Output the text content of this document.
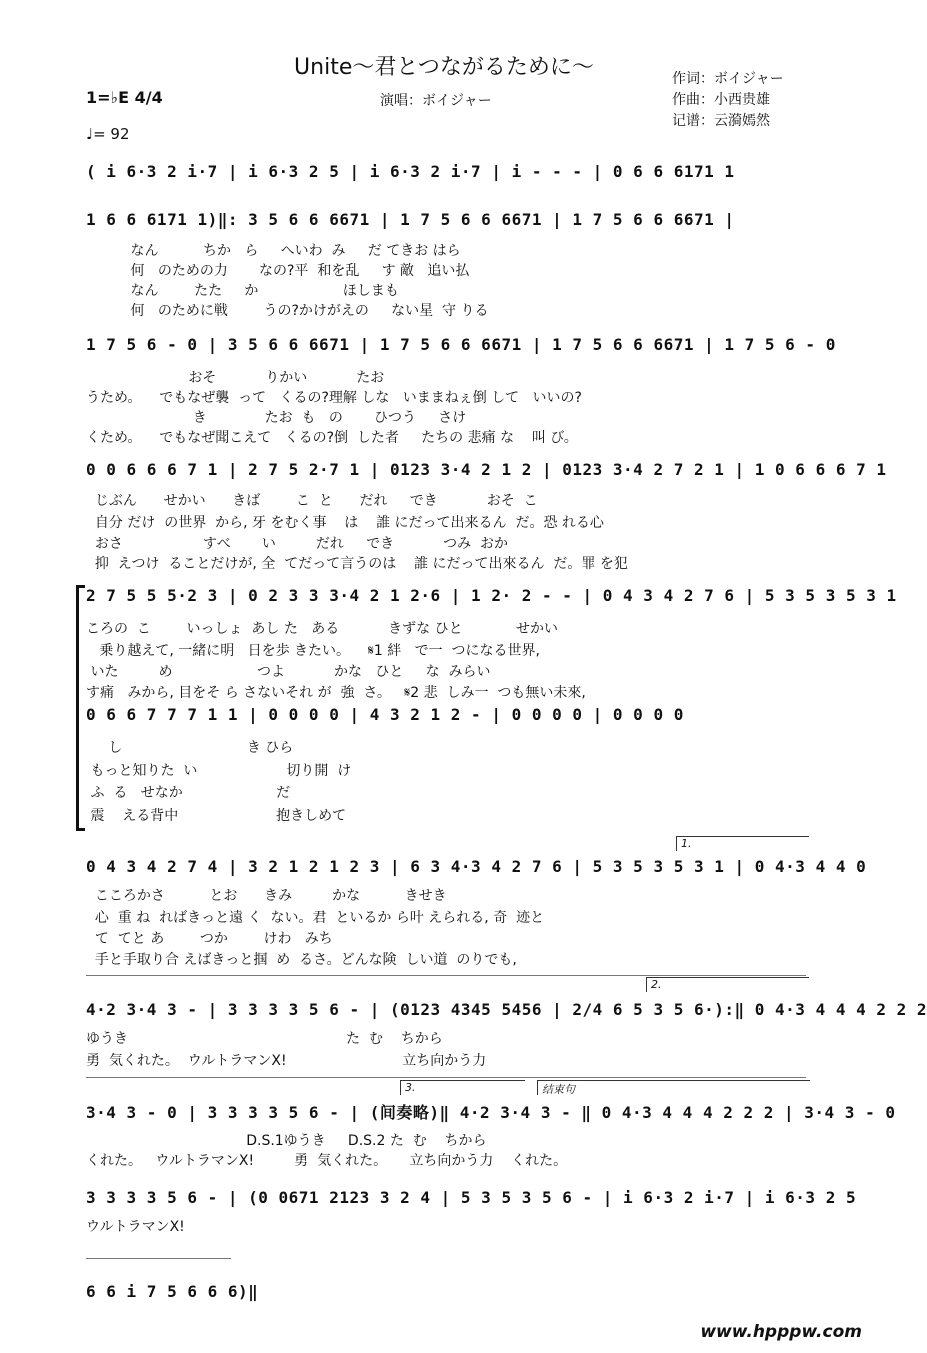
Unite～君とつながるために～
演唱：ボイジャー
作词：ボイジャー
作曲：小西贵雄
记谱：云漪嫣然
1=♭E 4/4
♩= 92
( i 6·3 2 i·7 | i 6·3 2 5 | i 6·3 2 i·7 | i - - - | 0 6 6 6171 1
1 6 6 6171 1)‖: 3 5 6 6 6671 | 1 7 5 6 6 6671 | 1 7 5 6 6 6671 |
なん          ちか   ら     へいわ  み     だ てきお はら
何   のための力       なの?平  和を乱     す 敵   追い払
なん        たた     か                   ほしまも
何   のために戦        うの?かけがえの     ない星  守 りる
1 7 5 6 - 0 | 3 5 6 6 6671 | 1 7 5 6 6 6671 | 1 7 5 6 6 6671 | 1 7 5 6 - 0
おそ           りかい           たお
うため。    でもなぜ襲  って   くるの?理解 しな   いままねぇ倒 して   いいの?
き             たお  も   の       ひつう     さけ
くため。    でもなぜ聞こえて   くるの?倒  した者     たちの 悲痛 な    叫 び。
0 0 6 6 6 7 1 | 2 7 5 2·7 1 | 0123 3·4 2 1 2 | 0123 3·4 2 7 2 1 | 1 0 6 6 6 7 1
じぶん      せかい      きば        こ  と      だれ     でき           おそ  こ
自分 だけ  の世界  から, 牙 をむく事    は    誰 にだって出来るん  だ。恐 れる心
おさ                  すべ       い         だれ     でき           つみ  おか
抑  えつけ  ることだけが, 全  てだって言うのは    誰 にだって出來るん  だ。罪 を犯
2 7 5 5 5·2 3 | 0 2 3 3 3·4 2 1 2·6 | 1 2· 2 - - | 0 4 3 4 2 7 6 | 5 3 5 3 5 3 1
ころの  こ        いっしょ  あし た   ある           きずな ひと            せかい
乗り越えて, 一緒に明   日を歩 きたい。    𝄋1 絆   で一  つになる世界,
いた         め                   つよ           かな   ひと     な  みらい
す痛   みから, 目をそ ら さないそれ が  強  さ。   𝄋2 悲  しみ一  つも無い未來,
0 6 6 7 7 7 1 1 | 0 0 0 0 | 4 3 2 1 2 - | 0 0 0 0 | 0 0 0 0
し                            き ひら
もっと知りた  い                    切り開  け
ふ  る   せなか                     だ
震    える背中                      抱きしめて
1.
0 4 3 4 2 7 4 | 3 2 1 2 1 2 3 | 6 3 4·3 4 2 7 6 | 5 3 5 3 5 3 1 | 0 4·3 4 4 0
こころかさ          とお      きみ         かな          きせき
心  重 ね  ればきっと遠 く  ない。君  といるか ら叶 えられる, 奇  迹と
て  てと あ        つか        けわ   みち
手と手取り合 えばきっと掴  め  るさ。どんな険  しい道  のりでも,
2.
4·2 3·4 3 - | 3 3 3 3 5 6 - | (0123 4345 5456 | 2/4 6 5 3 5 6·):‖ 0 4·3 4 4 4 2 2 2
ゆうき                                                 た  む    ちから
勇  気くれた。  ウルトラマンX!                          立ち向かう力
3.	结束句
3·4 3 - 0 | 3 3 3 3 5 6 - | (间奏略)‖ 4·2 3·4 3 - ‖ 0 4·3 4 4 4 2 2 2 | 3·4 3 - 0
D.S.1ゆうき     D.S.2 た  む    ちから
くれた。   ウルトラマンX!         勇  気くれた。     立ち向かう力    くれた。
3 3 3 3 5 6 - | (0 0671 2123 3 2 4 | 5 3 5 3 5 6 - | i 6·3 2 i·7 | i 6·3 2 5
ウルトラマンX!
6 6 i 7 5 6 6 6)‖
www.hpppw.com
